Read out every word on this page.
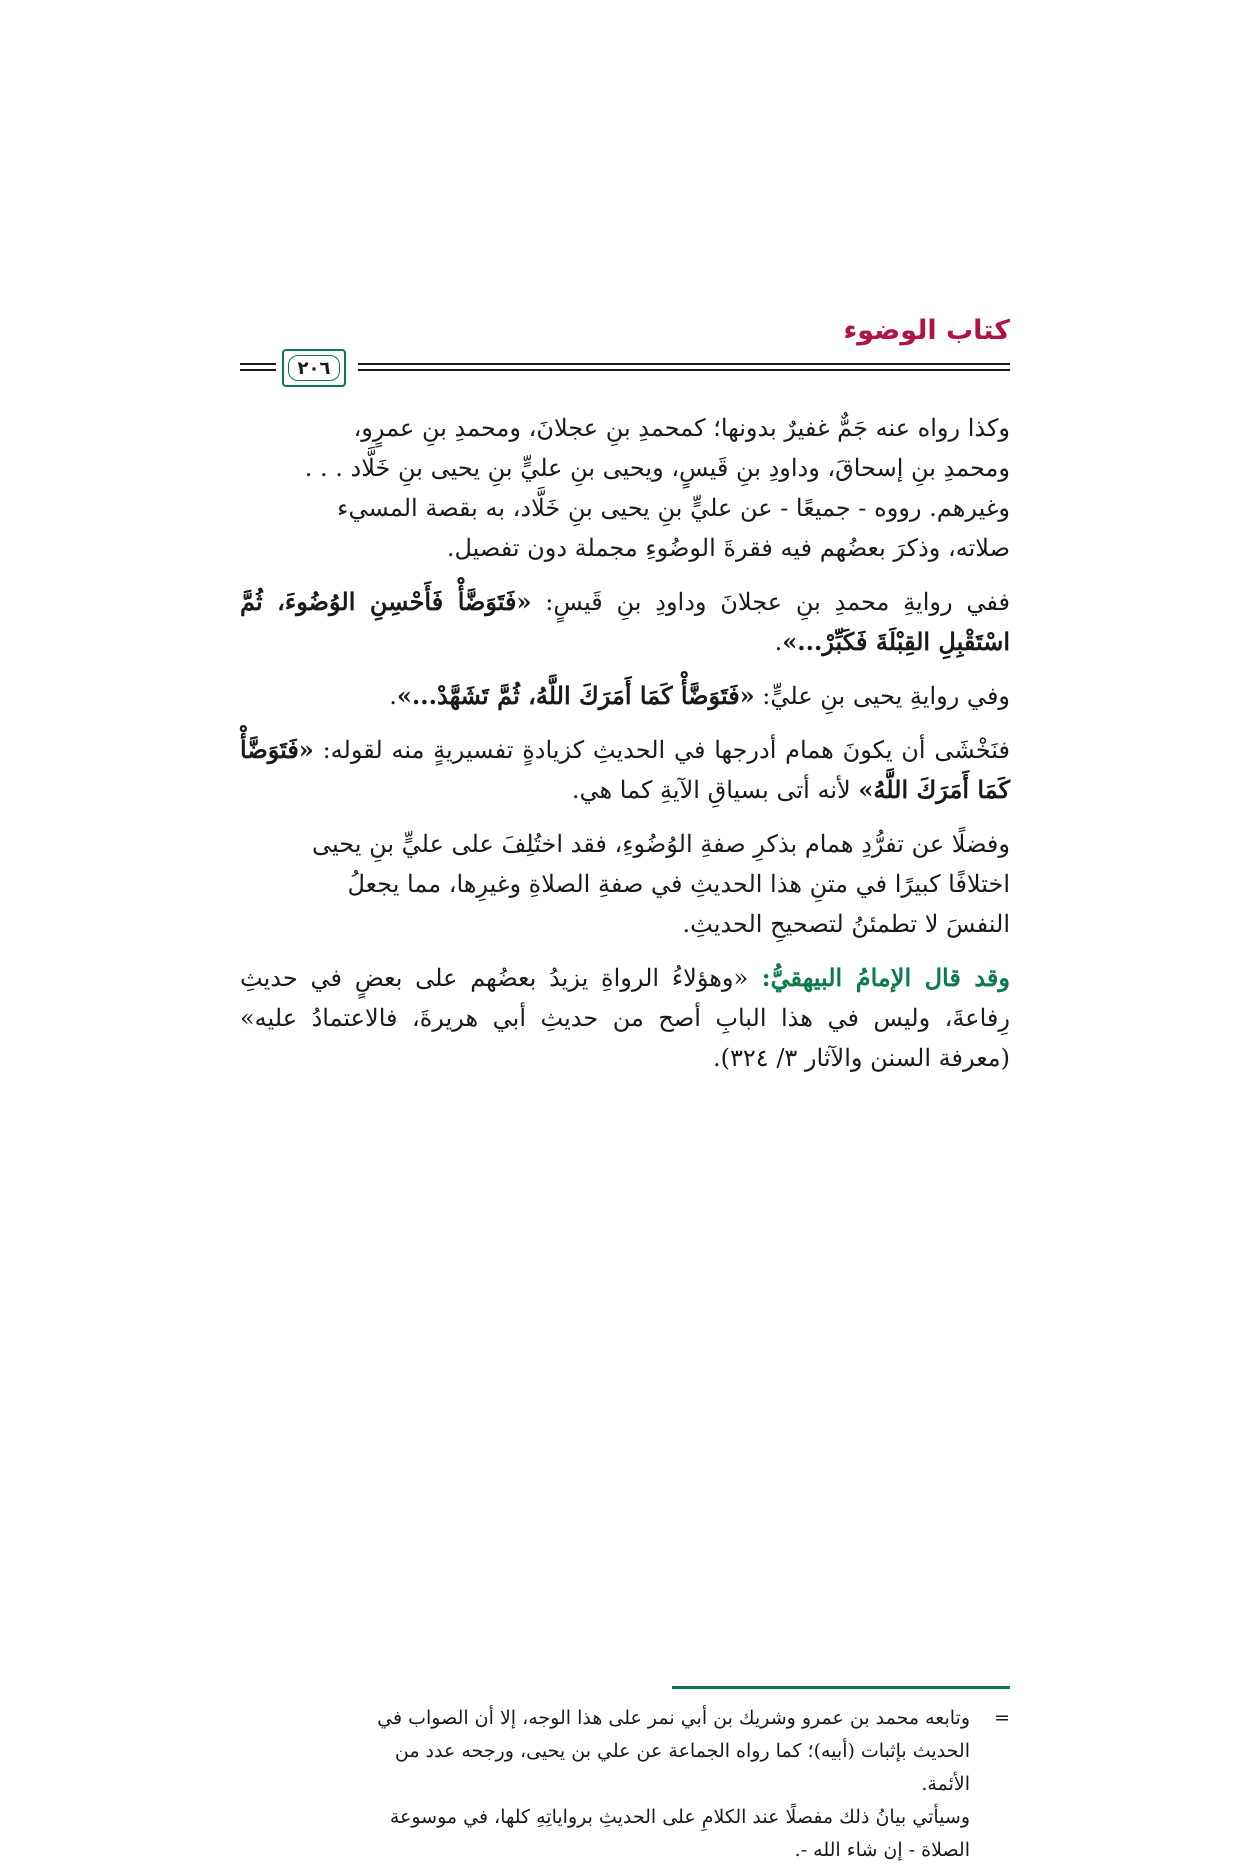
كتاب الوضوء
٢٠٦

وكذا رواه عنه جَمٌّ غفيرٌ بدونها؛ كمحمدِ بنِ عجلانَ، ومحمدِ بنِ عمرٍو،
ومحمدِ بنِ إسحاقَ، وداودِ بنِ قَيسٍ، ويحيى بنِ عليٍّ بنِ يحيى بنِ خَلَّاد . . .
وغيرهم. رووه - جميعًا - عن عليٍّ بنِ يحيى بنِ خَلَّاد، به بقصة المسيء
صلاته، وذكرَ بعضُهم فيه فقرةَ الوضُوءِ مجملة دون تفصيل.

ففي روايةِ محمدِ بنِ عجلانَ وداودِ بنِ قَيسٍ: «فَتَوَضَّأْ فَأَحْسِنِ الوُضُوءَ، ثُمَّ اسْتَقْبِلِ القِبْلَةَ فَكَبِّرْ...».

وفي روايةِ يحيى بنِ عليٍّ: «فَتَوَضَّأْ كَمَا أَمَرَكَ اللَّهُ، ثُمَّ تَشَهَّدْ...».

فنَخْشَى أن يكونَ همام أدرجها في الحديثِ كزيادةٍ تفسيريةٍ منه لقوله: «فَتَوَضَّأْ كَمَا أَمَرَكَ اللَّهُ» لأنه أتى بسياقِ الآيةِ كما هي.

وفضلًا عن تفرُّدِ همام بذكرِ صفةِ الوُضُوءِ، فقد اختُلِفَ على عليٍّ بنِ يحيى
اختلافًا كبيرًا في متنِ هذا الحديثِ في صفةِ الصلاةِ وغيرِها، مما يجعلُ
النفسَ لا تطمئنُ لتصحيحِ الحديثِ.

وقد قال الإمامُ البيهقيُّ: «وهؤلاءُ الرواةِ يزيدُ بعضُهم على بعضٍ في حديثِ رِفاعةَ، وليس في هذا البابِ أصح من حديثِ أبي هريرةَ، فالاعتمادُ عليه» (معرفة السنن والآثار ٣/ ٣٢٤).

=
وتابعه محمد بن عمرو وشريك بن أبي نمر على هذا الوجه، إلا أن الصواب في
الحديث بإثبات (أبيه)؛ كما رواه الجماعة عن علي بن يحيى، ورجحه عدد من
الأئمة.
وسيأتي بيانُ ذلك مفصلًا عند الكلامِ على الحديثِ برواياتِهِ كلها، في موسوعة
الصلاة - إن شاء الله -.
